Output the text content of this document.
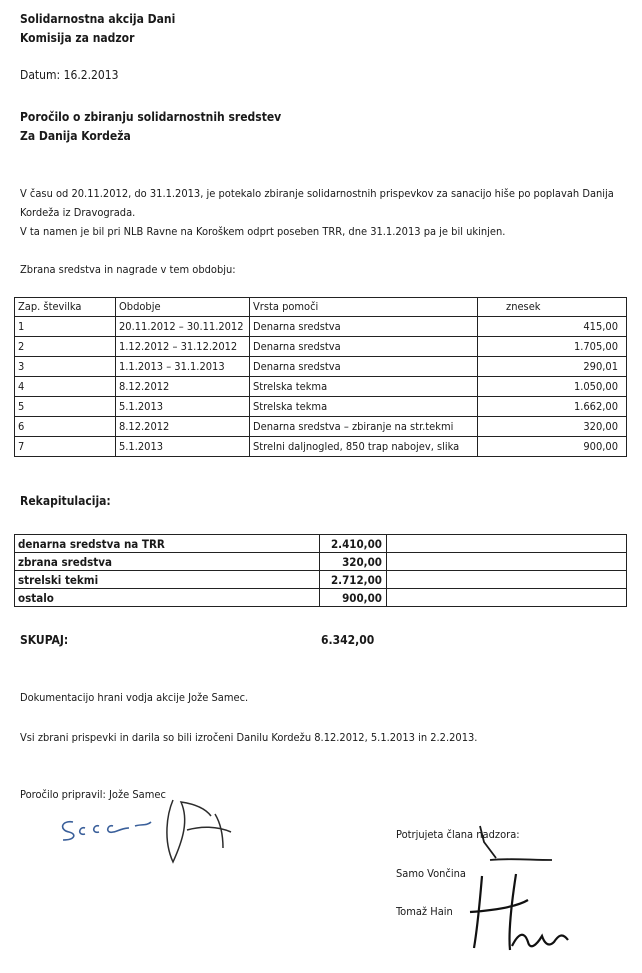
Solidarnostna akcija Dani
Komisija za nadzor
Datum: 16.2.2013
Poročilo o zbiranju solidarnostnih sredstev
Za Danija Kordeža
V času od 20.11.2012, do 31.1.2013, je potekalo zbiranje solidarnostnih prispevkov za sanacijo hiše po poplavah Danija
Kordeža iz Dravograda.
V ta namen je bil pri NLB Ravne na Koroškem odprt poseben TRR, dne 31.1.2013 pa je bil ukinjen.
Zbrana sredstva in nagrade v tem obdobju:
Zap. številka	Obdobje	Vrsta pomoči	znesek
1	20.11.2012 – 30.11.2012	Denarna sredstva	415,00
2	1.12.2012 – 31.12.2012	Denarna sredstva	1.705,00
3	1.1.2013 – 31.1.2013	Denarna sredstva	290,01
4	8.12.2012	Strelska tekma	1.050,00
5	5.1.2013	Strelska tekma	1.662,00
6	8.12.2012	Denarna sredstva – zbiranje na str.tekmi	320,00
7	5.1.2013	Strelni daljnogled, 850 trap nabojev, slika	900,00
Rekapitulacija:
denarna sredstva na TRR	2.410,00	
zbrana sredstva	320,00	
strelski tekmi	2.712,00	
ostalo	900,00	
SKUPAJ:	6.342,00
Dokumentacijo hrani vodja akcije Jože Samec.
Vsi zbrani prispevki in darila so bili izročeni Danilu Kordežu 8.12.2012, 5.1.2013 in 2.2.2013.
Poročilo pripravil: Jože Samec
Potrjujeta člana nadzora:
Samo Vončina
Tomaž Hain
